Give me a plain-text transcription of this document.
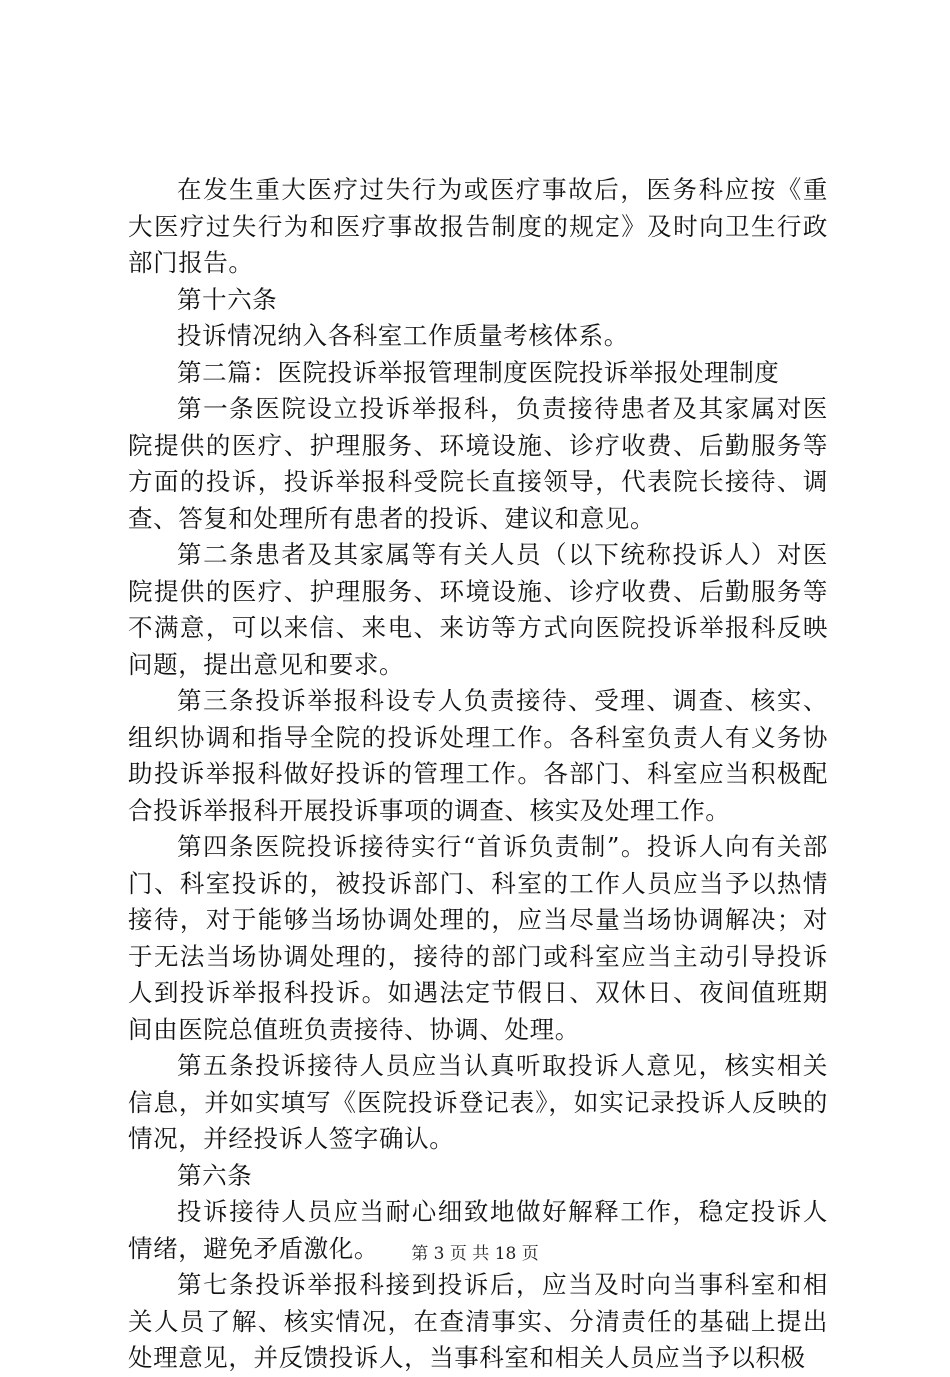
在发生重大医疗过失行为或医疗事故后，医务科应按《重大医疗过失行为和医疗事故报告制度的规定》及时向卫生行政部门报告。

第十六条

投诉情况纳入各科室工作质量考核体系。

第二篇：医院投诉举报管理制度医院投诉举报处理制度

第一条医院设立投诉举报科，负责接待患者及其家属对医院提供的医疗、护理服务、环境设施、诊疗收费、后勤服务等方面的投诉，投诉举报科受院长直接领导，代表院长接待、调查、答复和处理所有患者的投诉、建议和意见。

第二条患者及其家属等有关人员（以下统称投诉人）对医院提供的医疗、护理服务、环境设施、诊疗收费、后勤服务等不满意，可以来信、来电、来访等方式向医院投诉举报科反映问题，提出意见和要求。

第三条投诉举报科设专人负责接待、受理、调查、核实、组织协调和指导全院的投诉处理工作。各科室负责人有义务协助投诉举报科做好投诉的管理工作。各部门、科室应当积极配合投诉举报科开展投诉事项的调查、核实及处理工作。

第四条医院投诉接待实行“首诉负责制”。投诉人向有关部门、科室投诉的，被投诉部门、科室的工作人员应当予以热情接待，对于能够当场协调处理的，应当尽量当场协调解决；对于无法当场协调处理的，接待的部门或科室应当主动引导投诉人到投诉举报科投诉。如遇法定节假日、双休日、夜间值班期间由医院总值班负责接待、协调、处理。

第五条投诉接待人员应当认真听取投诉人意见，核实相关信息，并如实填写《医院投诉登记表》，如实记录投诉人反映的情况，并经投诉人签字确认。

第六条

投诉接待人员应当耐心细致地做好解释工作，稳定投诉人情绪，避免矛盾激化。

第七条投诉举报科接到投诉后，应当及时向当事科室和相关人员了解、核实情况，在查清事实、分清责任的基础上提出处理意见，并反馈投诉人，当事科室和相关人员应当予以积极

第 3 页 共 18 页
